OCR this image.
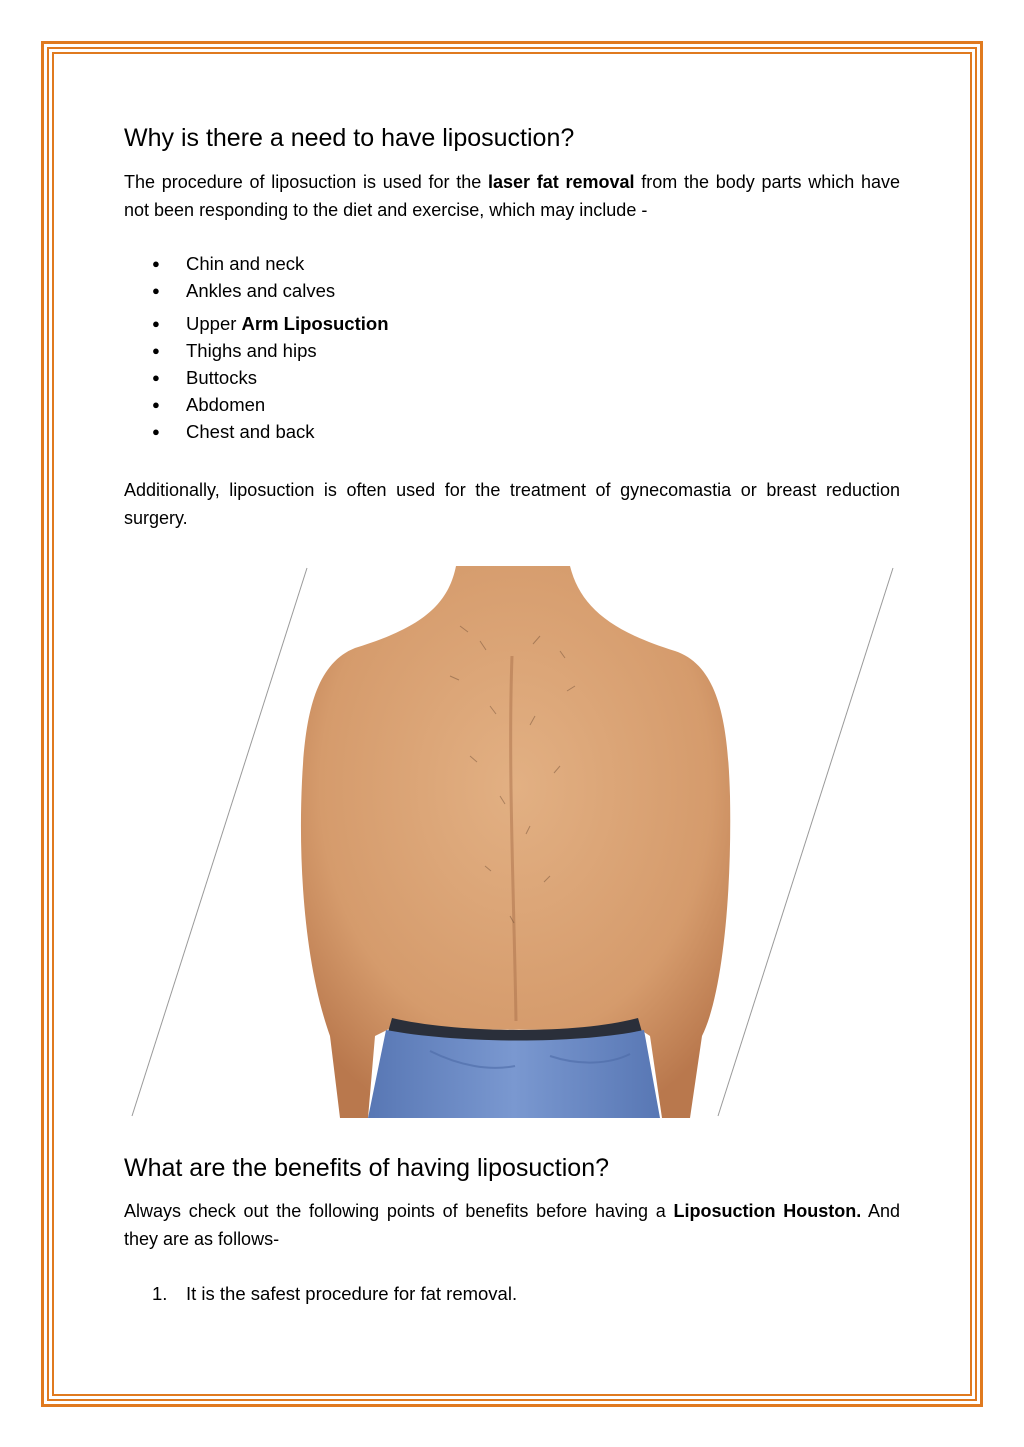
Why is there a need to have liposuction?

The procedure of liposuction is used for the laser fat removal from the body parts which have not been responding to the diet and exercise, which may include -

● Chin and neck
● Ankles and calves
● Upper Arm Liposuction
● Thighs and hips
● Buttocks
● Abdomen
● Chest and back

Additionally, liposuction is often used for the treatment of gynecomastia or breast reduction surgery.

What are the benefits of having liposuction?

Always check out the following points of benefits before having a Liposuction Houston. And they are as follows-

1. It is the safest procedure for fat removal.
